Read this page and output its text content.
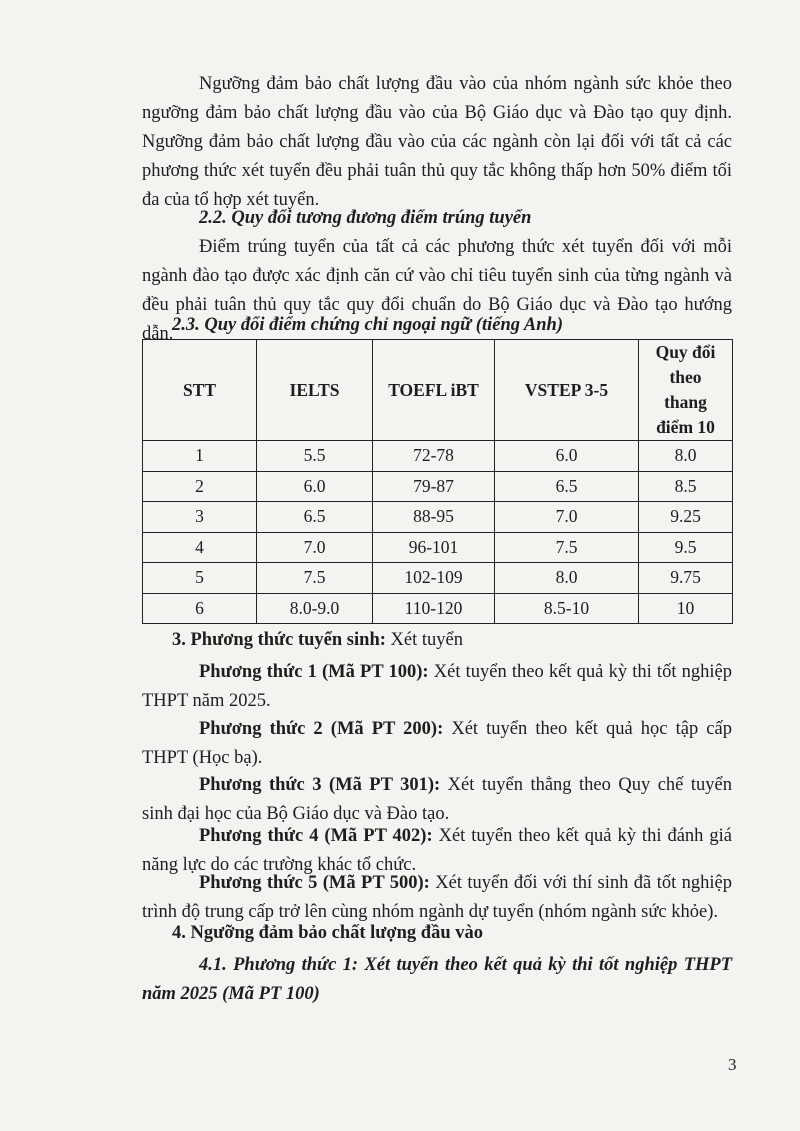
Ngưỡng đảm bảo chất lượng đầu vào của nhóm ngành sức khỏe theo ngưỡng đảm bảo chất lượng đầu vào của Bộ Giáo dục và Đào tạo quy định. Ngưỡng đảm bảo chất lượng đầu vào của các ngành còn lại đối với tất cả các phương thức xét tuyển đều phải tuân thủ quy tắc không thấp hơn 50% điểm tối đa của tổ hợp xét tuyển.

2.2. Quy đổi tương đương điểm trúng tuyển

Điểm trúng tuyển của tất cả các phương thức xét tuyển đối với mỗi ngành đào tạo được xác định căn cứ vào chỉ tiêu tuyển sinh của từng ngành và đều phải tuân thủ quy tắc quy đổi chuẩn do Bộ Giáo dục và Đào tạo hướng dẫn.

2.3. Quy đổi điểm chứng chỉ ngoại ngữ (tiếng Anh)

STT	IELTS	TOEFL iBT	VSTEP 3-5	Quy đổi theo thang điểm 10
1	5.5	72-78	6.0	8.0
2	6.0	79-87	6.5	8.5
3	6.5	88-95	7.0	9.25
4	7.0	96-101	7.5	9.5
5	7.5	102-109	8.0	9.75
6	8.0-9.0	110-120	8.5-10	10

3. Phương thức tuyển sinh: Xét tuyển

Phương thức 1 (Mã PT 100): Xét tuyển theo kết quả kỳ thi tốt nghiệp THPT năm 2025.

Phương thức 2 (Mã PT 200): Xét tuyển theo kết quả học tập cấp THPT (Học bạ).

Phương thức 3 (Mã PT 301): Xét tuyển thẳng theo Quy chế tuyển sinh đại học của Bộ Giáo dục và Đào tạo.

Phương thức 4 (Mã PT 402): Xét tuyển theo kết quả kỳ thi đánh giá năng lực do các trường khác tổ chức.

Phương thức 5 (Mã PT 500): Xét tuyển đối với thí sinh đã tốt nghiệp trình độ trung cấp trở lên cùng nhóm ngành dự tuyển (nhóm ngành sức khỏe).

4. Ngưỡng đảm bảo chất lượng đầu vào

4.1. Phương thức 1: Xét tuyển theo kết quả kỳ thi tốt nghiệp THPT năm 2025 (Mã PT 100)

3
